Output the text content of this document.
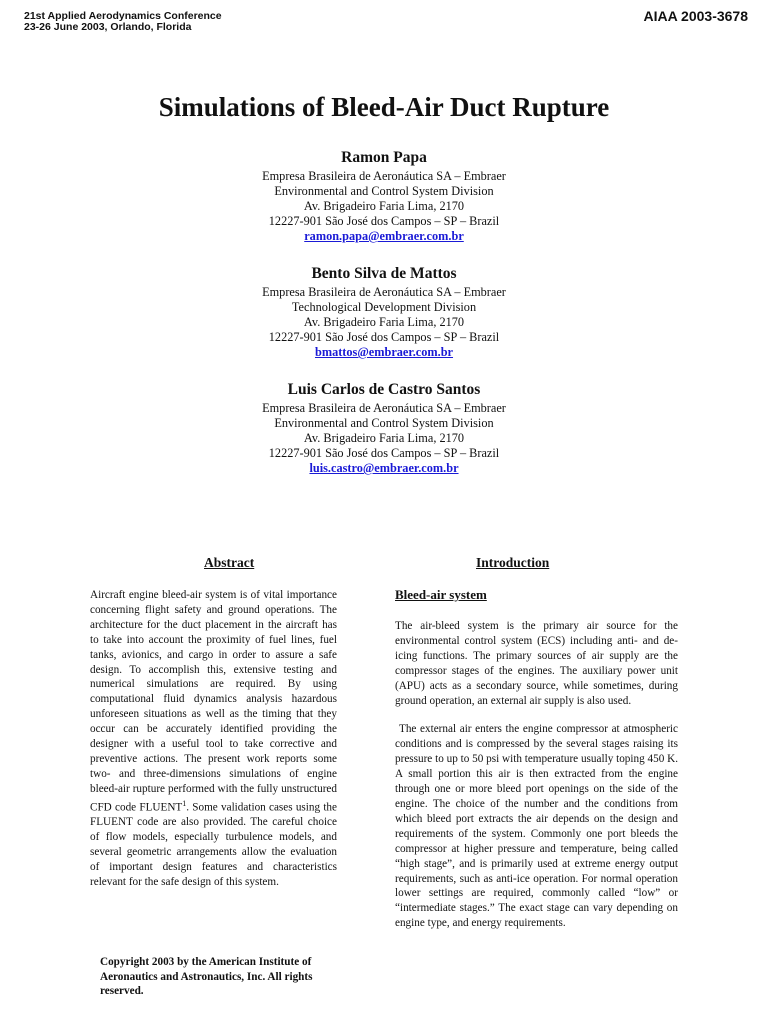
21st Applied Aerodynamics Conference
23-26 June 2003, Orlando, Florida
AIAA 2003-3678
Simulations of Bleed-Air Duct Rupture
Ramon Papa
Empresa Brasileira de Aeronáutica SA – Embraer
Environmental and Control System Division
Av. Brigadeiro Faria Lima, 2170
12227-901 São José dos Campos – SP – Brazil
ramon.papa@embraer.com.br
Bento Silva de Mattos
Empresa Brasileira de Aeronáutica SA – Embraer
Technological Development Division
Av. Brigadeiro Faria Lima, 2170
12227-901 São José dos Campos – SP – Brazil
bmattos@embraer.com.br
Luis Carlos de Castro Santos
Empresa Brasileira de Aeronáutica SA – Embraer
Environmental and Control System Division
Av. Brigadeiro Faria Lima, 2170
12227-901 São José dos Campos – SP – Brazil
luis.castro@embraer.com.br
Abstract	Introduction

Aircraft engine bleed-air system is of vital importance concerning flight safety and ground operations. The architecture for the duct placement in the aircraft has to take into account the proximity of fuel lines, fuel tanks, avionics, and cargo in order to assure a safe design. To accomplish this, extensive testing and numerical simulations are required. By using computational fluid dynamics analysis hazardous unforeseen situations as well as the timing that they occur can be accurately identified providing the designer with a useful tool to take corrective and preventive actions. The present work reports some two- and three-dimensions simulations of engine bleed-air rupture performed with the fully unstructured CFD code FLUENT$^1$. Some validation cases using the FLUENT code are also provided. The careful choice of flow models, especially turbulence models, and several geometric arrangements allow the evaluation of important design features and characteristics relevant for the safe design of this system.

Copyright 2003 by the American Institute of Aeronautics and Astronautics, Inc. All rights reserved.
Bleed-air system

The air-bleed system is the primary air source for the environmental control system (ECS) including anti- and de-icing functions. The primary sources of air supply are the compressor stages of the engines. The auxiliary power unit (APU) acts as a secondary source, while sometimes, during ground operation, an external air supply is also used.

The external air enters the engine compressor at atmospheric conditions and is compressed by the several stages raising its pressure to up to 50 psi with temperature usually toping 450 K. A small portion this air is then extracted from the engine through one or more bleed port openings on the side of the engine. The choice of the number and the conditions from which bleed port extracts the air depends on the design and requirements of the system. Commonly one port bleeds the compressor at higher pressure and temperature, being called “high stage”, and is primarily used at extreme energy output requirements, such as anti-ice operation. For normal operation lower settings are required, commonly called “low” or “intermediate stages.” The exact stage can vary depending on engine type, and energy requirements.
